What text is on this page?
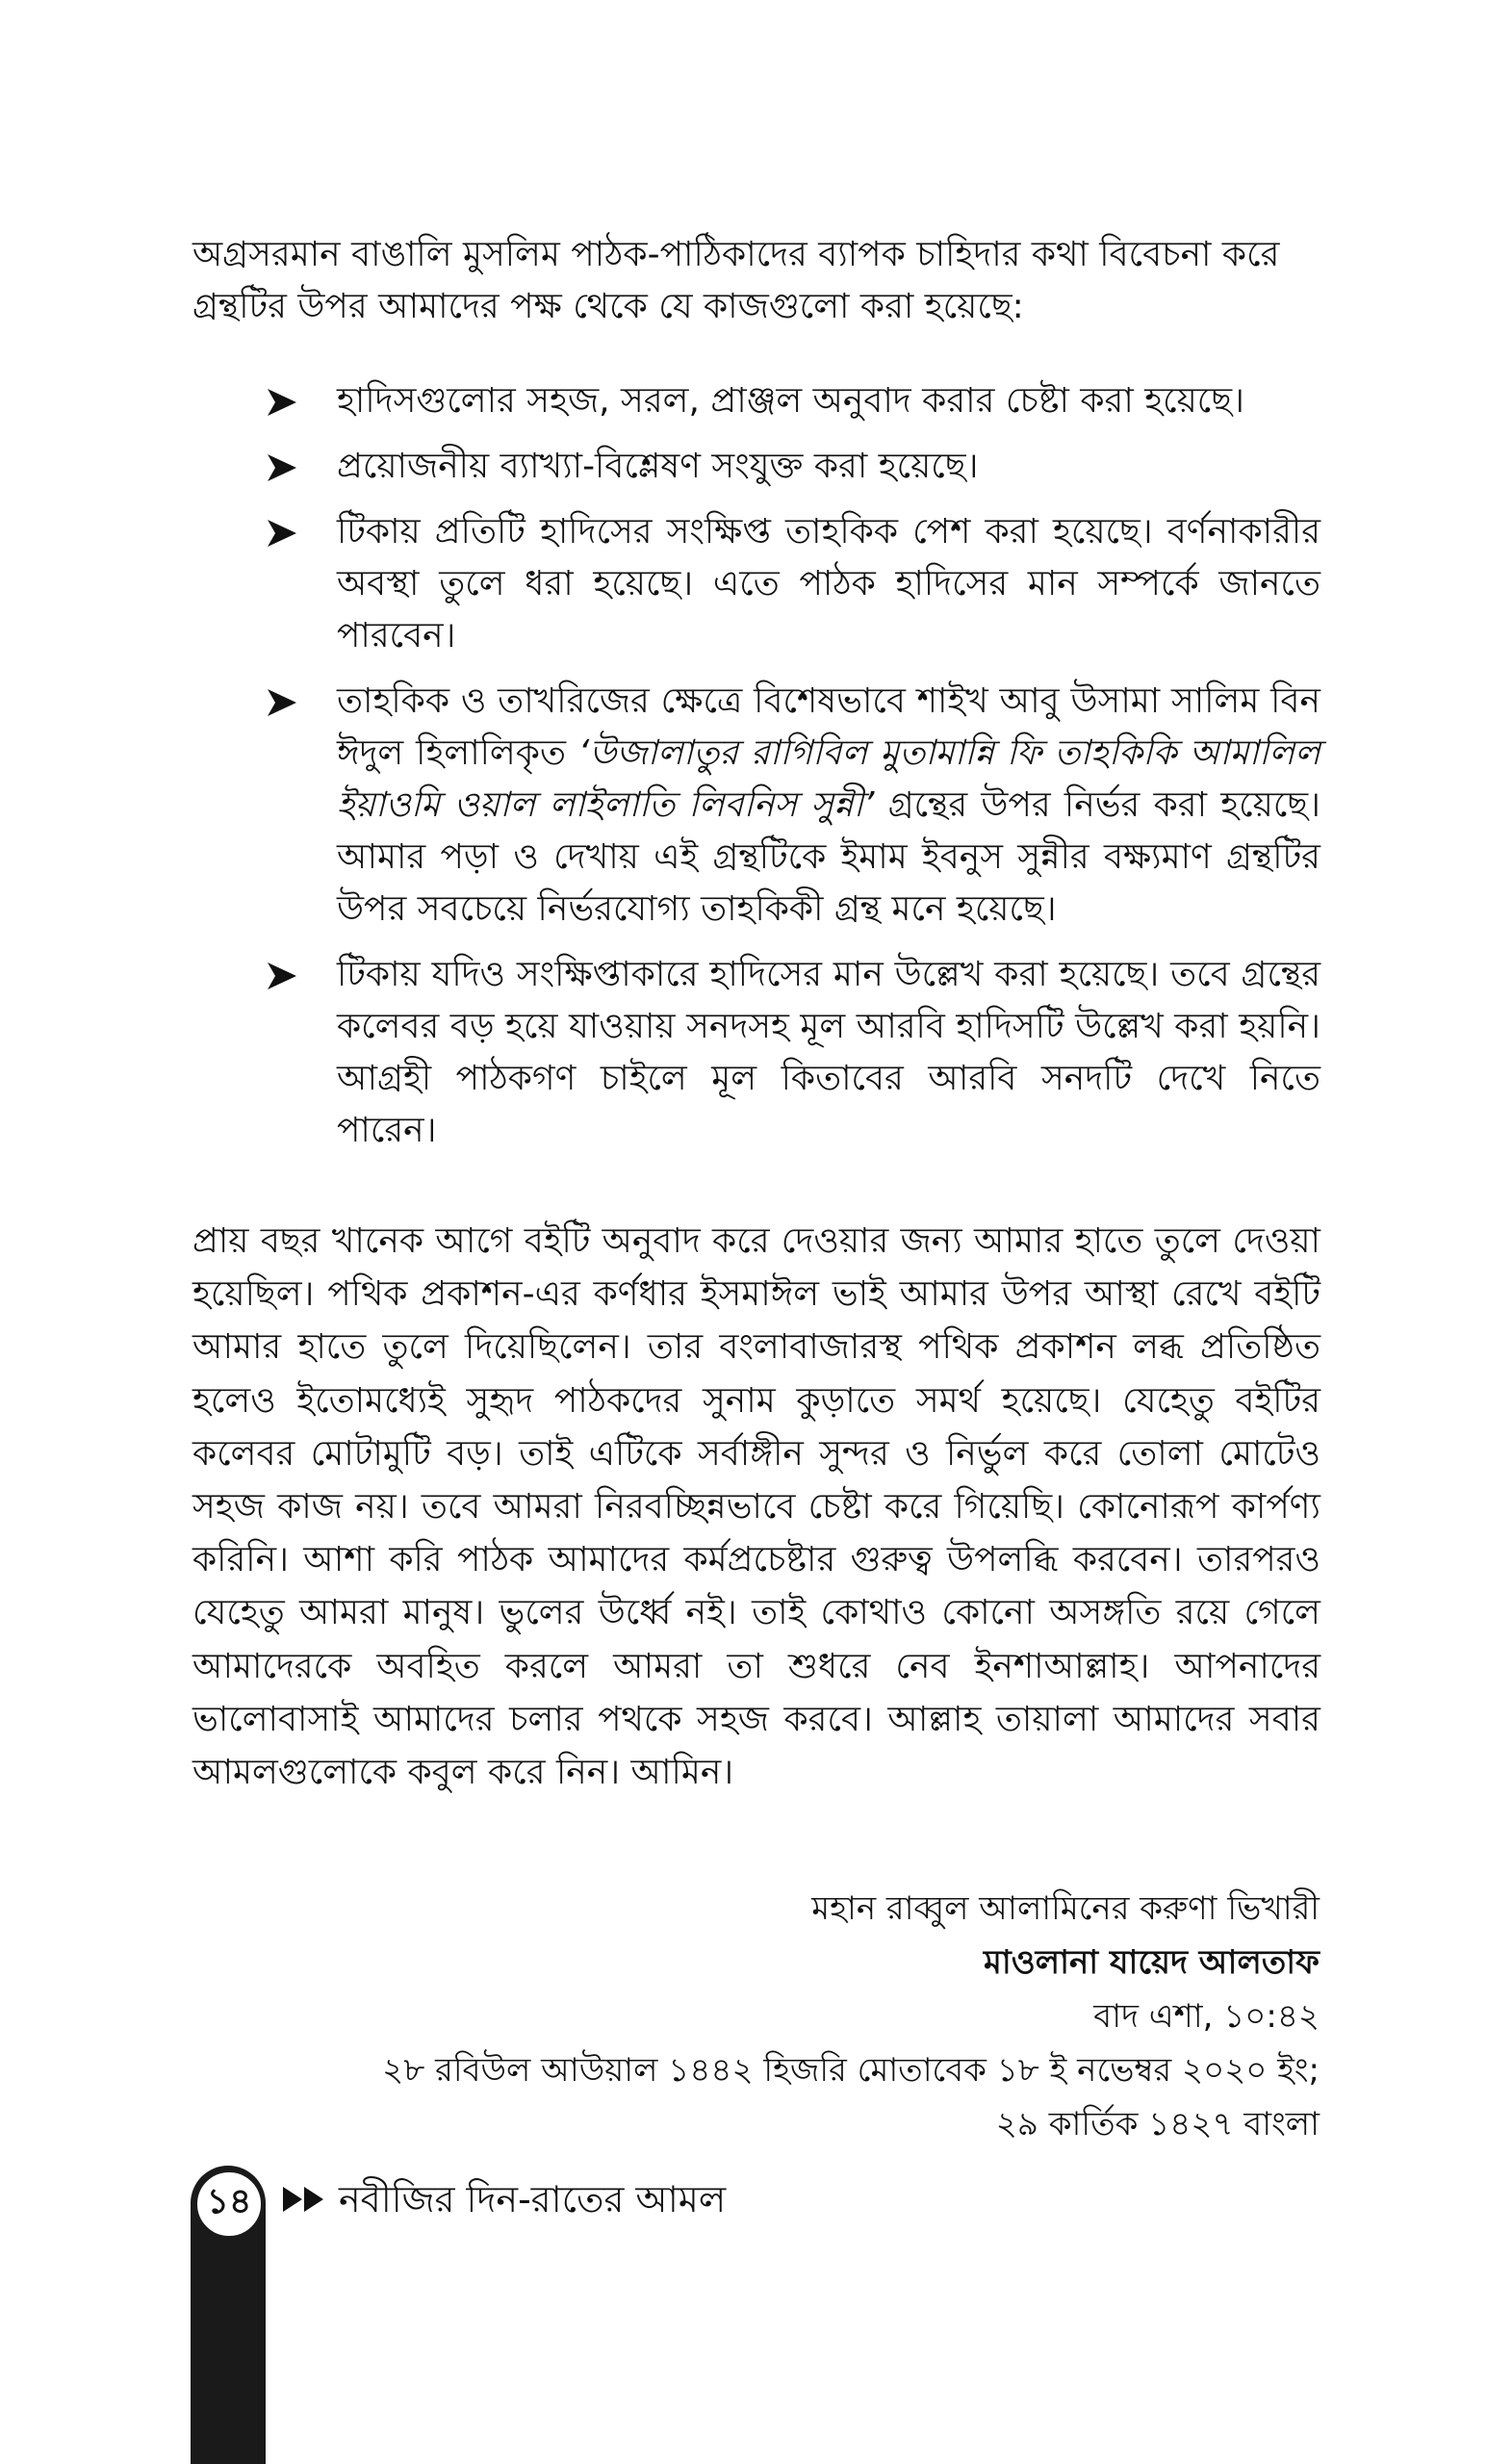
অগ্রসরমান বাঙালি মুসলিম পাঠক-পাঠিকাদের ব্যাপক চাহিদার কথা বিবেচনা করে গ্রন্থটির উপর আমাদের পক্ষ থেকে যে কাজগুলো করা হয়েছে:
হাদিসগুলোর সহজ, সরল, প্রাঞ্জল অনুবাদ করার চেষ্টা করা হয়েছে।
প্রয়োজনীয় ব্যাখ্যা-বিশ্লেষণ সংযুক্ত করা হয়েছে।
টিকায় প্রতিটি হাদিসের সংক্ষিপ্ত তাহকিক পেশ করা হয়েছে। বর্ণনাকারীর অবস্থা তুলে ধরা হয়েছে। এতে পাঠক হাদিসের মান সম্পর্কে জানতে পারবেন।
তাহকিক ও তাখরিজের ক্ষেত্রে বিশেষভাবে শাইখ আবু উসামা সালিম বিন ঈদুল হিলালিকৃত ‘উজালাতুর রাগিবিল মুতামান্নি ফি তাহকিকি আমালিল ইয়াওমি ওয়াল লাইলাতি লিবনিস সুন্নী’ গ্রন্থের উপর নির্ভর করা হয়েছে। আমার পড়া ও দেখায় এই গ্রন্থটিকে ইমাম ইবনুস সুন্নীর বক্ষ্যমাণ গ্রন্থটির উপর সবচেয়ে নির্ভরযোগ্য তাহকিকী গ্রন্থ মনে হয়েছে।
টিকায় যদিও সংক্ষিপ্তাকারে হাদিসের মান উল্লেখ করা হয়েছে। তবে গ্রন্থের কলেবর বড় হয়ে যাওয়ায় সনদসহ মূল আরবি হাদিসটি উল্লেখ করা হয়নি। আগ্রহী পাঠকগণ চাইলে মূল কিতাবের আরবি সনদটি দেখে নিতে পারেন।
প্রায় বছর খানেক আগে বইটি অনুবাদ করে দেওয়ার জন্য আমার হাতে তুলে দেওয়া হয়েছিল। পথিক প্রকাশন-এর কর্ণধার ইসমাঈল ভাই আমার উপর আস্থা রেখে বইটি আমার হাতে তুলে দিয়েছিলেন। তার বংলাবাজারস্থ পথিক প্রকাশন লব্ধ প্রতিষ্ঠিত হলেও ইতোমধ্যেই সুহৃদ পাঠকদের সুনাম কুড়াতে সমর্থ হয়েছে। যেহেতু বইটির কলেবর মোটামুটি বড়। তাই এটিকে সর্বাঙ্গীন সুন্দর ও নির্ভুল করে তোলা মোটেও সহজ কাজ নয়। তবে আমরা নিরবচ্ছিন্নভাবে চেষ্টা করে গিয়েছি। কোনোরূপ কার্পণ্য করিনি। আশা করি পাঠক আমাদের কর্মপ্রচেষ্টার গুরুত্ব উপলব্ধি করবেন। তারপরও যেহেতু আমরা মানুষ। ভুলের উর্ধ্বে নই। তাই কোথাও কোনো অসঙ্গতি রয়ে গেলে আমাদেরকে অবহিত করলে আমরা তা শুধরে নেব ইনশাআল্লাহ। আপনাদের ভালোবাসাই আমাদের চলার পথকে সহজ করবে। আল্লাহ তায়ালা আমাদের সবার আমলগুলোকে কবুল করে নিন। আমিন।
মহান রাব্বুল আলামিনের করুণা ভিখারী
মাওলানা যায়েদ আলতাফ
বাদ এশা, ১০:৪২
২৮ রবিউল আউয়াল ১৪৪২ হিজরি মোতাবেক ১৮ ই নভেম্বর ২০২০ ইং;
২৯ কার্তিক ১৪২৭ বাংলা
১৪	নবীজির দিন-রাতের আমল
